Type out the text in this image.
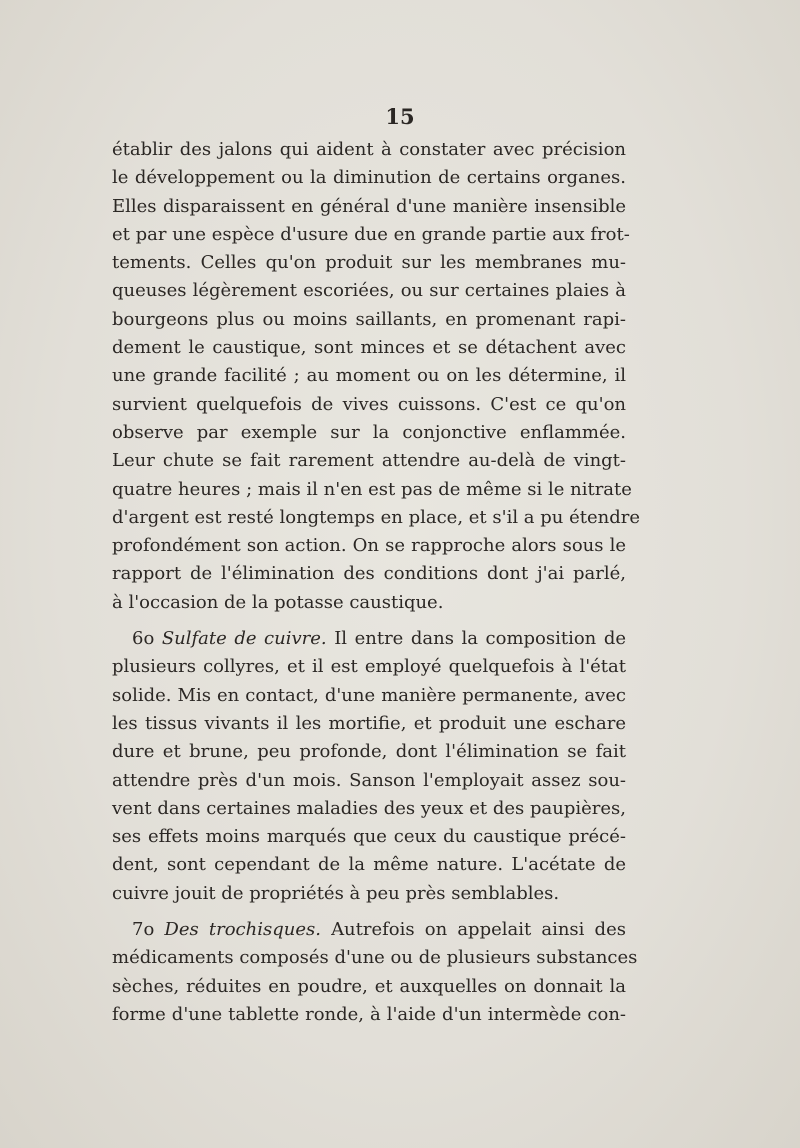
15
établir des jalons qui aident à constater avec précision
le développement ou la diminution de certains organes.
Elles disparaissent en général d'une manière insensible
et par une espèce d'usure due en grande partie aux frot-
tements. Celles qu'on produit sur les membranes mu-
queuses légèrement escoriées, ou sur certaines plaies à
bourgeons plus ou moins saillants, en promenant rapi-
dement le caustique, sont minces et se détachent avec
une grande facilité ; au moment ou on les détermine, il
survient quelquefois de vives cuissons. C'est ce qu'on
observe par exemple sur la conjonctive enflammée.
Leur chute se fait rarement attendre au-delà de vingt-
quatre heures ; mais il n'en est pas de même si le nitrate
d'argent est resté longtemps en place, et s'il a pu étendre
profondément son action. On se rapproche alors sous le
rapport de l'élimination des conditions dont j'ai parlé,
à l'occasion de la potasse caustique.
6o Sulfate de cuivre. Il entre dans la composition de
plusieurs collyres, et il est employé quelquefois à l'état
solide. Mis en contact, d'une manière permanente, avec
les tissus vivants il les mortifie, et produit une eschare
dure et brune, peu profonde, dont l'élimination se fait
attendre près d'un mois. Sanson l'employait assez sou-
vent dans certaines maladies des yeux et des paupières,
ses effets moins marqués que ceux du caustique précé-
dent, sont cependant de la même nature. L'acétate de
cuivre jouit de propriétés à peu près semblables.
7o Des trochisques. Autrefois on appelait ainsi des
médicaments composés d'une ou de plusieurs substances
sèches, réduites en poudre, et auxquelles on donnait la
forme d'une tablette ronde, à l'aide d'un intermède con-
